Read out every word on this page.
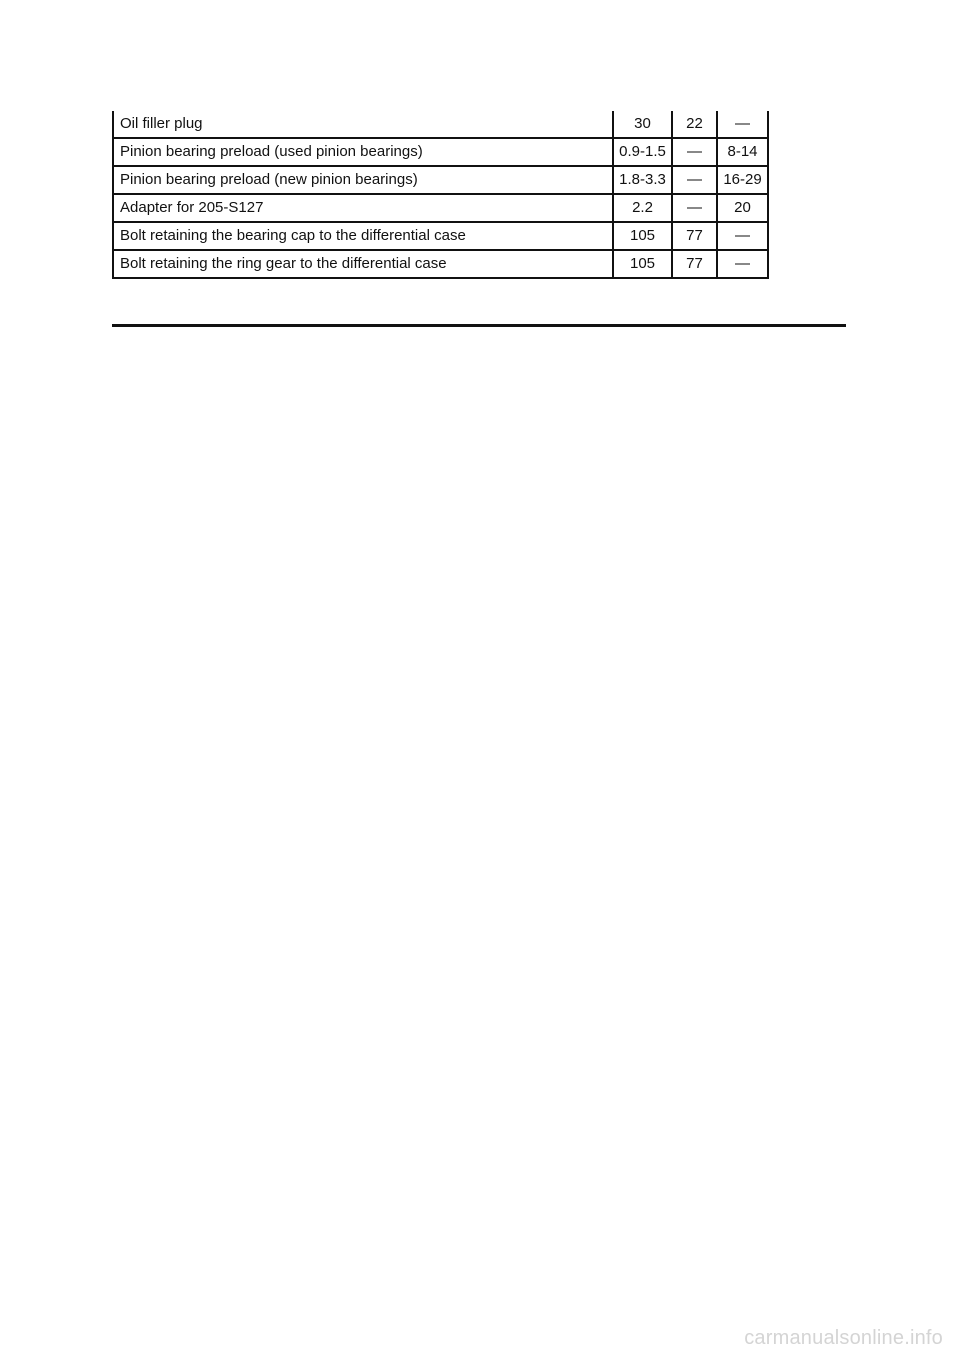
Oil filler plug	30	22	—
Pinion bearing preload (used pinion bearings)	0.9-1.5	—	8-14
Pinion bearing preload (new pinion bearings)	1.8-3.3	—	16-29
Adapter for 205-S127	2.2	—	20
Bolt retaining the bearing cap to the differential case	105	77	—
Bolt retaining the ring gear to the differential case	105	77	—
carmanualsonline.info
